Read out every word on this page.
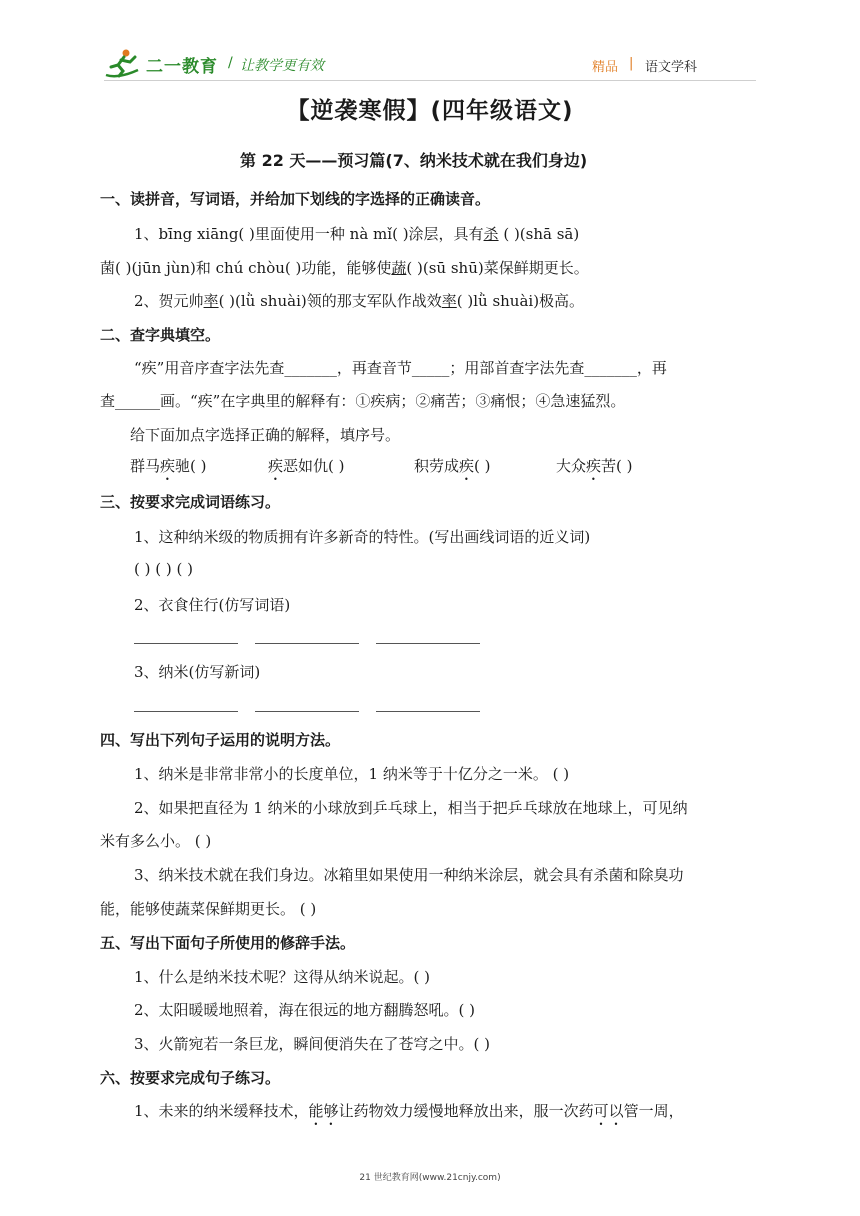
二一教育 / 让教学更有效	精品 | 语文学科
【逆袭寒假】(四年级语文)
第 22 天——预习篇(7、纳米技术就在我们身边)
一、读拼音，写词语，并给加下划线的字选择的正确读音。
1、bīng xiāng( )里面使用一种 nà mǐ( )涂层，具有杀 ( )(shā sā)
菌( )(jūn jùn)和 chú chòu( )功能，能够使蔬( )(sū shū)菜保鲜期更长。
2、贺元帅率( )(lǜ shuài)领的那支军队作战效率( )lǜ shuài)极高。
二、查字典填空。
“疾”用音序查字法先查_______，再查音节_____；用部首查字法先查_______，再
查______画。“疾”在字典里的解释有：①疾病；②痛苦；③痛恨；④急速猛烈。
给下面加点字选择正确的解释，填序号。
群马疾驰( )	疾恶如仇( )	积劳成疾( )	大众疾苦( )
三、按要求完成词语练习。
1、这种纳米级的物质拥有许多新奇的特性。(写出画线词语的近义词)
( ) ( ) ( )
2、衣食住行(仿写词语)
3、纳米(仿写新词)
四、写出下列句子运用的说明方法。
1、纳米是非常非常小的长度单位，1 纳米等于十亿分之一米。 ( )
2、如果把直径为 1 纳米的小球放到乒乓球上，相当于把乒乓球放在地球上，可见纳
米有多么小。 ( )
3、纳米技术就在我们身边。冰箱里如果使用一种纳米涂层，就会具有杀菌和除臭功
能，能够使蔬菜保鲜期更长。 ( )
五、写出下面句子所使用的修辞手法。
1、什么是纳米技术呢？这得从纳米说起。( )
2、太阳暖暖地照着，海在很远的地方翻腾怒吼。( )
3、火箭宛若一条巨龙，瞬间便消失在了苍穹之中。( )
六、按要求完成句子练习。
1、未来的纳米缓释技术，能够让药物效力缓慢地释放出来，服一次药可以管一周，
21 世纪教育网(www.21cnjy.com)
